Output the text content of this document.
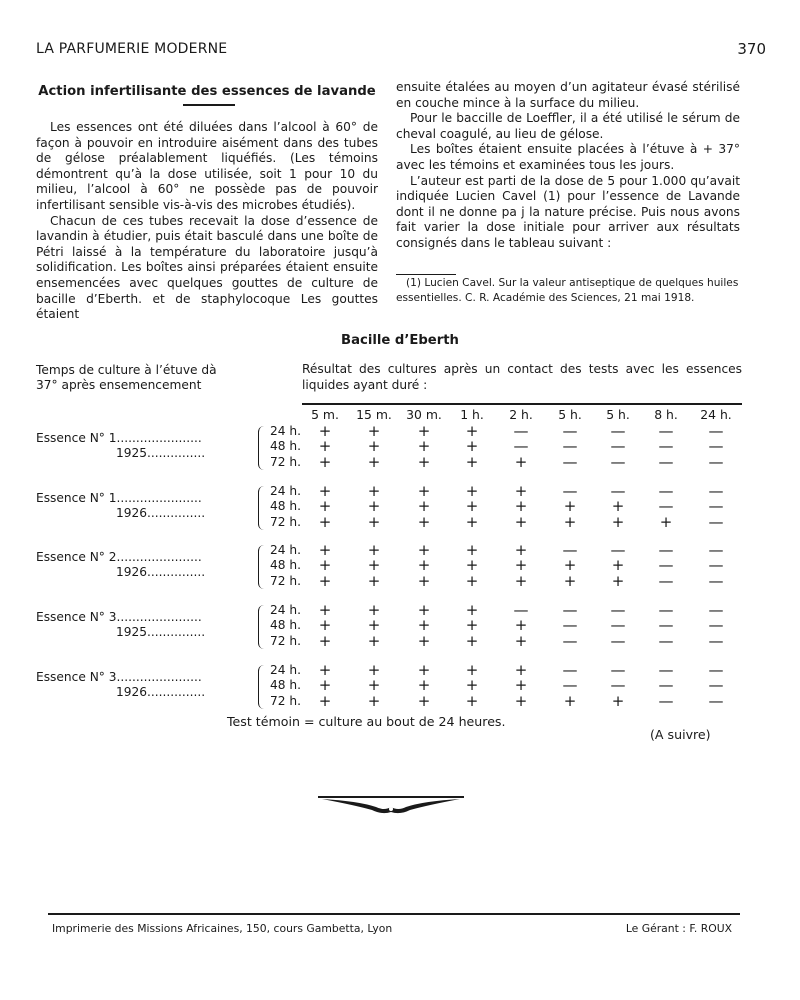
LA PARFUMERIE MODERNE	370
Action infertilisante des essences de lavande

Les essences ont été diluées dans l’alcool à 60° de façon à pouvoir en introduire aisément dans des tubes de gélose préalablement liquéfiés. (Les témoins démontrent qu’à la dose utilisée, soit 1 pour 10 du milieu, l’alcool à 60° ne possède pas de pouvoir infertilisant sensible vis-à-vis des microbes étudiés).

Chacun de ces tubes recevait la dose d’essence de lavandin à étudier, puis était basculé dans une boîte de Pétri laissé à la température du laboratoire jusqu’à solidification. Les boîtes ainsi préparées étaient ensuite ensemencées avec quelques gouttes de culture de bacille d’Eberth. et de staphylocoque Les gouttes étaient

ensuite étalées au moyen d’un agitateur évasé stérilisé en couche mince à la surface du milieu.

Pour le baccille de Loeffler, il a été utilisé le sérum de cheval coagulé, au lieu de gélose.

Les boîtes étaient ensuite placées à l’étuve à + 37° avec les témoins et examinées tous les jours.

L’auteur est parti de la dose de 5 pour 1.000 qu’avait indiquée Lucien Cavel (1) pour l’essence de Lavande dont il ne donne pa j la nature précise. Puis nous avons fait varier la dose initiale pour arriver aux résultats consignés dans le tableau suivant :

(1) Lucien Cavel. Sur la valeur antiseptique de quelques huiles essentielles. C. R. Académie des Sciences, 21 mai 1918.

Bacille d’Eberth
Temps de culture à l’étuve dà 37° après ensemencement
Résultat des cultures après un contact des tests avec les essences liquides ayant duré :
5 m.	15 m.	30 m.	1 h.	2 h.	5 h.	5 h.	8 h.	24 h.
Essence N° 1......................
1925...............
24 h.	+	+	+	+	—	—	—	—	—
48 h.	+	+	+	+	—	—	—	—	—
72 h.	+	+	+	+	+	—	—	—	—
Essence N° 1......................
1926...............
24 h.	+	+	+	+	+	—	—	—	—
48 h.	+	+	+	+	+	+	+	—	—
72 h.	+	+	+	+	+	+	+	+	—
Essence N° 2......................
1926...............
24 h.	+	+	+	+	+	—	—	—	—
48 h.	+	+	+	+	+	+	+	—	—
72 h.	+	+	+	+	+	+	+	—	—
Essence N° 3......................
1925...............
24 h.	+	+	+	+	—	—	—	—	—
48 h.	+	+	+	+	+	—	—	—	—
72 h.	+	+	+	+	+	—	—	—	—
Essence N° 3......................
1926...............
24 h.	+	+	+	+	+	—	—	—	—
48 h.	+	+	+	+	+	—	—	—	—
72 h.	+	+	+	+	+	+	+	—	—
Test témoin = culture au bout de 24 heures.
(A suivre)
Imprimerie des Missions Africaines, 150, cours Gambetta, Lyon	Le Gérant : F. ROUX
